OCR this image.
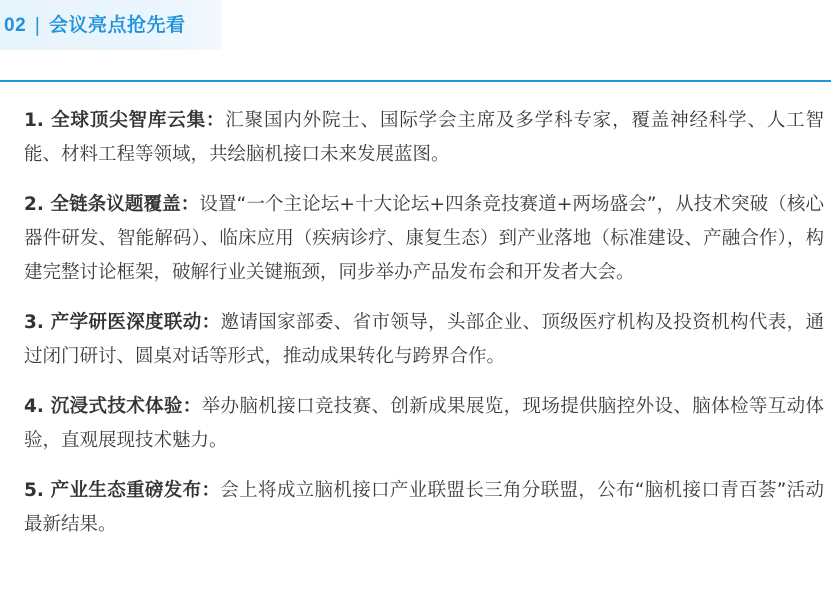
02 | 会议亮点抢先看

1. 全球顶尖智库云集：汇聚国内外院士、国际学会主席及多学科专家，覆盖神经科学、人工智能、材料工程等领域，共绘脑机接口未来发展蓝图。

2. 全链条议题覆盖：设置“一个主论坛+十大论坛+四条竞技赛道+两场盛会”，从技术突破（核心器件研发、智能解码）、临床应用（疾病诊疗、康复生态）到产业落地（标准建设、产融合作），构建完整讨论框架，破解行业关键瓶颈，同步举办产品发布会和开发者大会。

3. 产学研医深度联动：邀请国家部委、省市领导，头部企业、顶级医疗机构及投资机构代表，通过闭门研讨、圆桌对话等形式，推动成果转化与跨界合作。

4. 沉浸式技术体验：举办脑机接口竞技赛、创新成果展览，现场提供脑控外设、脑体检等互动体验，直观展现技术魅力。

5. 产业生态重磅发布：会上将成立脑机接口产业联盟长三角分联盟，公布“脑机接口青百荟”活动最新结果。
